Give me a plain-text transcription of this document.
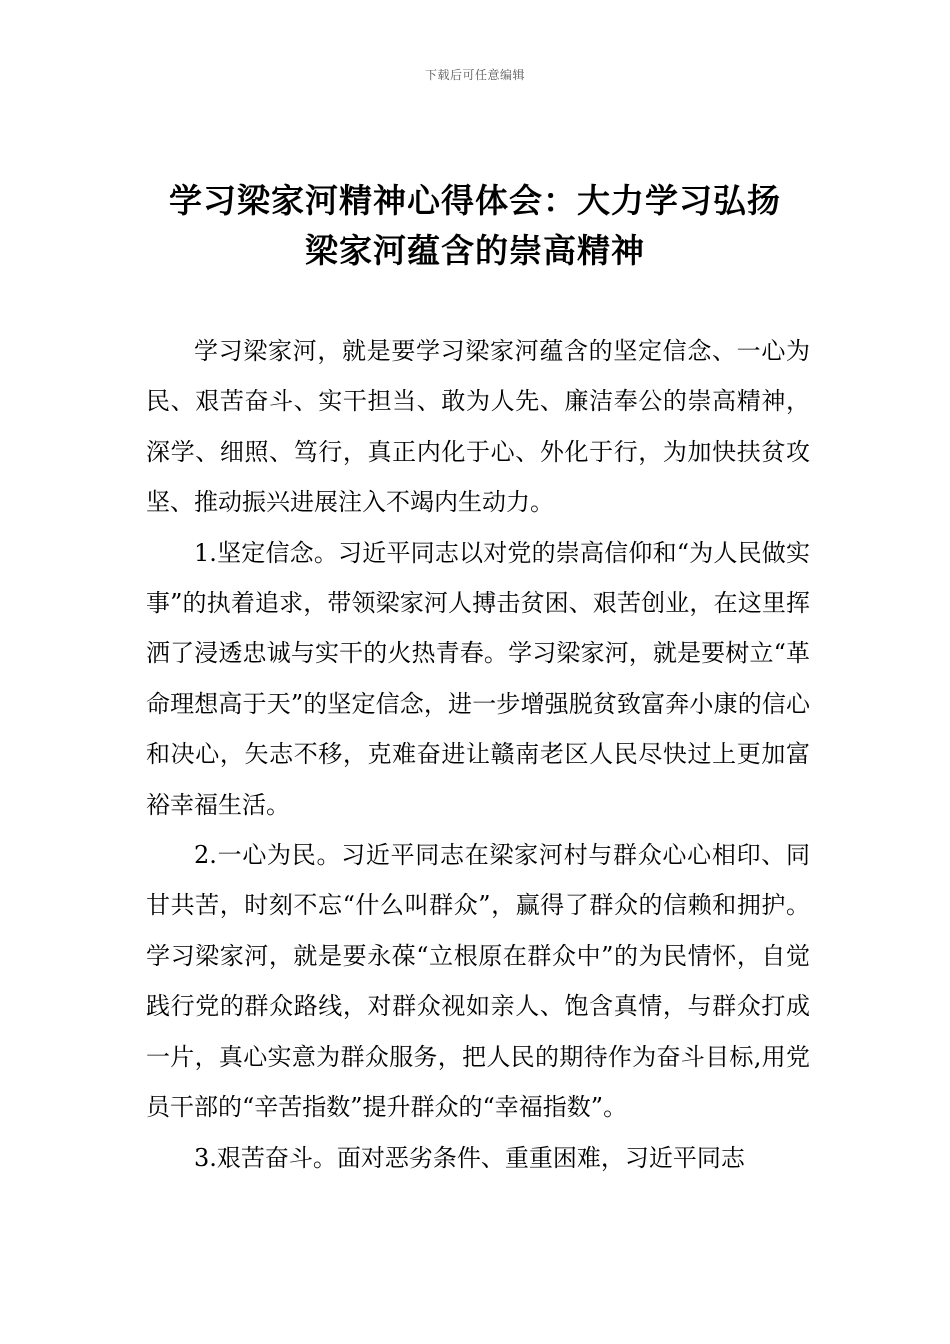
下载后可任意编辑
学习梁家河精神心得体会：大力学习弘扬
梁家河蕴含的崇高精神

学习梁家河，就是要学习梁家河蕴含的坚定信念、一心为民、艰苦奋斗、实干担当、敢为人先、廉洁奉公的崇高精神，深学、细照、笃行，真正内化于心、外化于行，为加快扶贫攻坚、推动振兴进展注入不竭内生动力。

1.坚定信念。习近平同志以对党的崇高信仰和“为人民做实事”的执着追求，带领梁家河人搏击贫困、艰苦创业，在这里挥洒了浸透忠诚与实干的火热青春。学习梁家河，就是要树立“革命理想高于天”的坚定信念，进一步增强脱贫致富奔小康的信心和决心，矢志不移，克难奋进让赣南老区人民尽快过上更加富裕幸福生活。

2.一心为民。习近平同志在梁家河村与群众心心相印、同甘共苦，时刻不忘“什么叫群众”，赢得了群众的信赖和拥护。学习梁家河，就是要永葆“立根原在群众中”的为民情怀，自觉践行党的群众路线，对群众视如亲人、饱含真情，与群众打成一片，真心实意为群众服务，把人民的期待作为奋斗目标,用党员干部的“辛苦指数”提升群众的“幸福指数”。

3.艰苦奋斗。面对恶劣条件、重重困难，习近平同志
